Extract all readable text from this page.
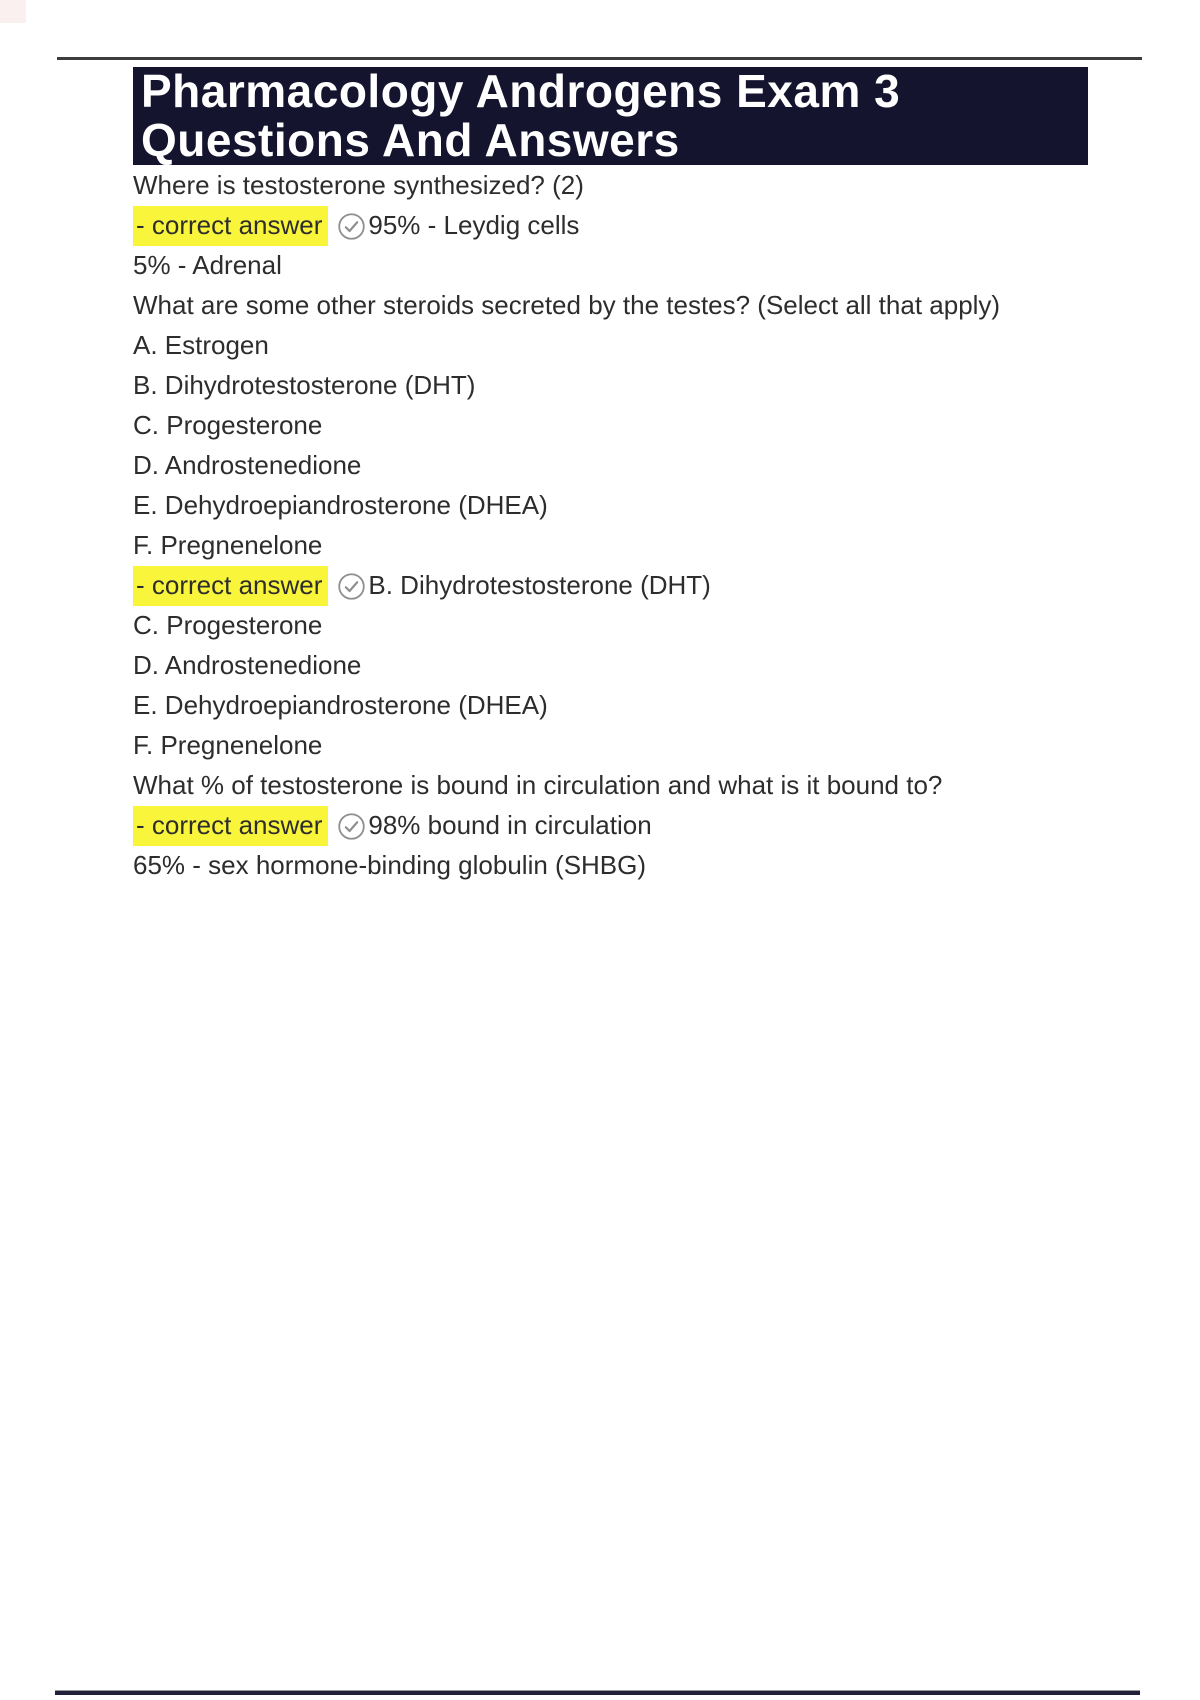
Pharmacology Androgens Exam 3 Questions And Answers

Where is testosterone synthesized? (2)
- correct answer 95% - Leydig cells

5% - Adrenal

What are some other steroids secreted by the testes? (Select all that apply)

A. Estrogen

B. Dihydrotestosterone (DHT)

C. Progesterone

D. Androstenedione

E. Dehydroepiandrosterone (DHEA)

F. Pregnenelone
- correct answer B. Dihydrotestosterone (DHT)

C. Progesterone

D. Androstenedione

E. Dehydroepiandrosterone (DHEA)

F. Pregnenelone

What % of testosterone is bound in circulation and what is it bound to?
- correct answer 98% bound in circulation

65% - sex hormone-binding globulin (SHBG)
